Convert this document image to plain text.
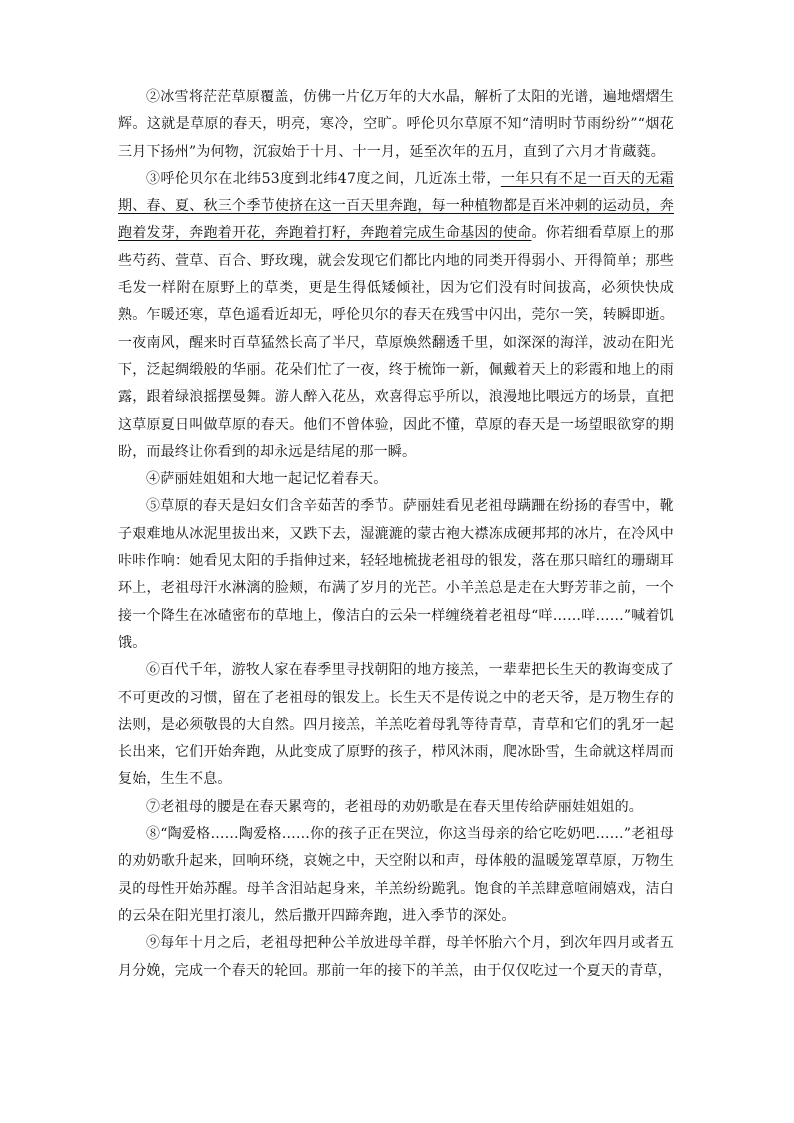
②冰雪将茫茫草原覆盖，仿佛一片亿万年的大水晶，解析了太阳的光谱，遍地熠熠生辉。这就是草原的春天，明亮，寒冷，空旷。呼伦贝尔草原不知“清明时节雨纷纷”“烟花三月下扬州”为何物，沉寂始于十月、十一月，延至次年的五月，直到了六月才肯蔵蕤。

③呼伦贝尔在北纬53度到北纬47度之间，几近冻土带，一年只有不足一百天的无霜期、春、夏、秋三个季节使挤在这一百天里奔跑，每一种植物都是百米冲刺的运动员，奔跑着发芽，奔跑着开花，奔跑着打籽，奔跑着完成生命基因的使命。你若细看草原上的那些芍药、萱草、百合、野玫瑰，就会发现它们都比内地的同类开得弱小、开得简单；那些毛发一样附在原野上的草类，更是生得低矮倾社，因为它们没有时间拔高，必须快快成熟。乍暖还寒，草色遥看近却无，呼伦贝尔的春天在残雪中闪出，莞尔一笑，转瞬即逝。一夜南风，醒来时百草猛然长高了半尺，草原焕然翻透千里，如深深的海洋，波动在阳光下，泛起绸缎般的华丽。花朵们忙了一夜，终于梳饰一新，佩戴着天上的彩霞和地上的雨露，跟着绿浪摇摆曼舞。游人醉入花丛，欢喜得忘乎所以，浪漫地比喂远方的场景，直把这草原夏日叫做草原的春天。他们不曾体验，因此不懂，草原的春天是一场望眼欲穿的期盼，而最终让你看到的却永远是结尾的那一瞬。

④萨丽娃姐姐和大地一起记忆着春天。

⑤草原的春天是妇女们含辛茹苦的季节。萨丽娃看见老祖母蹒跚在纷扬的春雪中，靴子艰难地从冰泥里拔出来，又跌下去，湿漉漉的蒙古袍大襟冻成硬邦邦的冰片，在冷风中咔咔作响：她看见太阳的手指伸过来，轻轻地梳拢老祖母的银发，落在那只暗红的珊瑚耳环上，老祖母汗水淋漓的脸颊，布满了岁月的光芒。小羊羔总是走在大野芳菲之前，一个接一个降生在冰碴密布的草地上，像洁白的云朵一样缠绕着老祖母“咩……咩……”喊着饥饿。

⑥百代千年，游牧人家在春季里寻找朝阳的地方接羔，一辈辈把长生天的教诲变成了不可更改的习惯，留在了老祖母的银发上。长生天不是传说之中的老天爷，是万物生存的法则，是必须敬畏的大自然。四月接羔，羊羔吃着母乳等待青草，青草和它们的乳牙一起长出来，它们开始奔跑，从此变成了原野的孩子，栉风沐雨，爬冰卧雪，生命就这样周而复始，生生不息。

⑦老祖母的腰是在春天累弯的，老祖母的劝奶歌是在春天里传给萨丽娃姐姐的。

⑧“陶爱格……陶爱格……你的孩子正在哭泣，你这当母亲的给它吃奶吧……”老祖母的劝奶歌升起来，回响环绕，哀婉之中，天空附以和声，母体般的温暖笼罩草原，万物生灵的母性开始苏醒。母羊含泪站起身来，羊羔纷纷跪乳。饱食的羊羔肆意喧闹嬉戏，洁白的云朵在阳光里打滚儿，然后撒开四蹄奔跑，进入季节的深处。

⑨每年十月之后，老祖母把种公羊放进母羊群，母羊怀胎六个月，到次年四月或者五月分娩，完成一个春天的轮回。那前一年的接下的羊羔，由于仅仅吃过一个夏天的青草，
